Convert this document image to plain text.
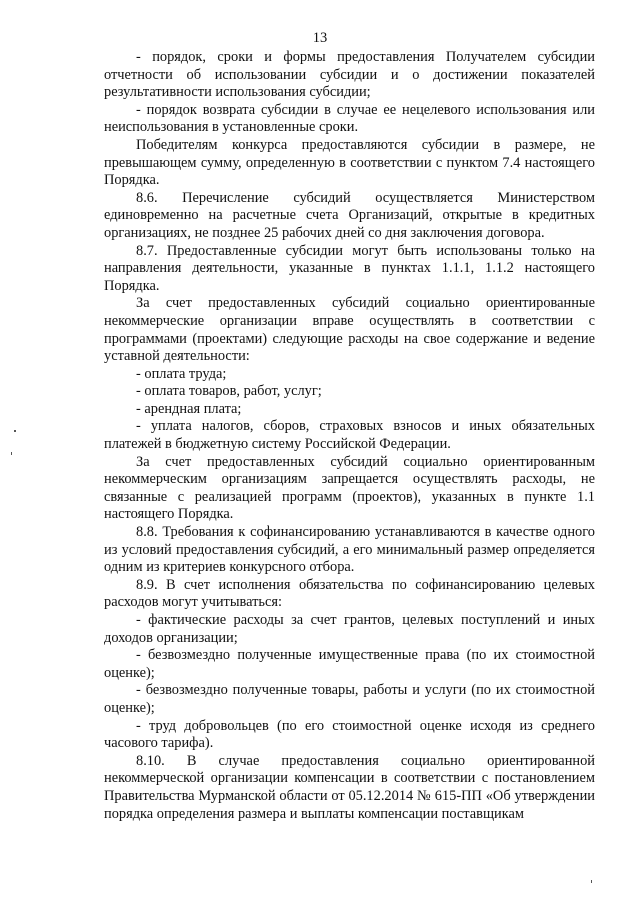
13

- порядок, сроки и формы предоставления Получателем субсидии отчетности об использовании субсидии и о достижении показателей результативности использования субсидии;

- порядок возврата субсидии в случае ее нецелевого использования или неиспользования в установленные сроки.

Победителям конкурса предоставляются субсидии в размере, не превышающем сумму, определенную в соответствии с пунктом 7.4 настоящего Порядка.

8.6. Перечисление субсидий осуществляется Министерством единовременно на расчетные счета Организаций, открытые в кредитных организациях, не позднее 25 рабочих дней со дня заключения договора.

8.7. Предоставленные субсидии могут быть использованы только на направления деятельности, указанные в пунктах 1.1.1, 1.1.2 настоящего Порядка.

За счет предоставленных субсидий социально ориентированные некоммерческие организации вправе осуществлять в соответствии с программами (проектами) следующие расходы на свое содержание и ведение уставной деятельности:

- оплата труда;

- оплата товаров, работ, услуг;

- арендная плата;

- уплата налогов, сборов, страховых взносов и иных обязательных платежей в бюджетную систему Российской Федерации.

За счет предоставленных субсидий социально ориентированным некоммерческим организациям запрещается осуществлять расходы, не связанные с реализацией программ (проектов), указанных в пункте 1.1 настоящего Порядка.

8.8. Требования к софинансированию устанавливаются в качестве одного из условий предоставления субсидий, а его минимальный размер определяется одним из критериев конкурсного отбора.

8.9. В счет исполнения обязательства по софинансированию целевых расходов могут учитываться:

- фактические расходы за счет грантов, целевых поступлений и иных доходов организации;

- безвозмездно полученные имущественные права (по их стоимостной оценке);

- безвозмездно полученные товары, работы и услуги (по их стоимостной оценке);

- труд добровольцев (по его стоимостной оценке исходя из среднего часового тарифа).

8.10. В случае предоставления социально ориентированной некоммерческой организации компенсации в соответствии с постановлением Правительства Мурманской области от 05.12.2014 № 615-ПП «Об утверждении порядка определения размера и выплаты компенсации поставщикам
